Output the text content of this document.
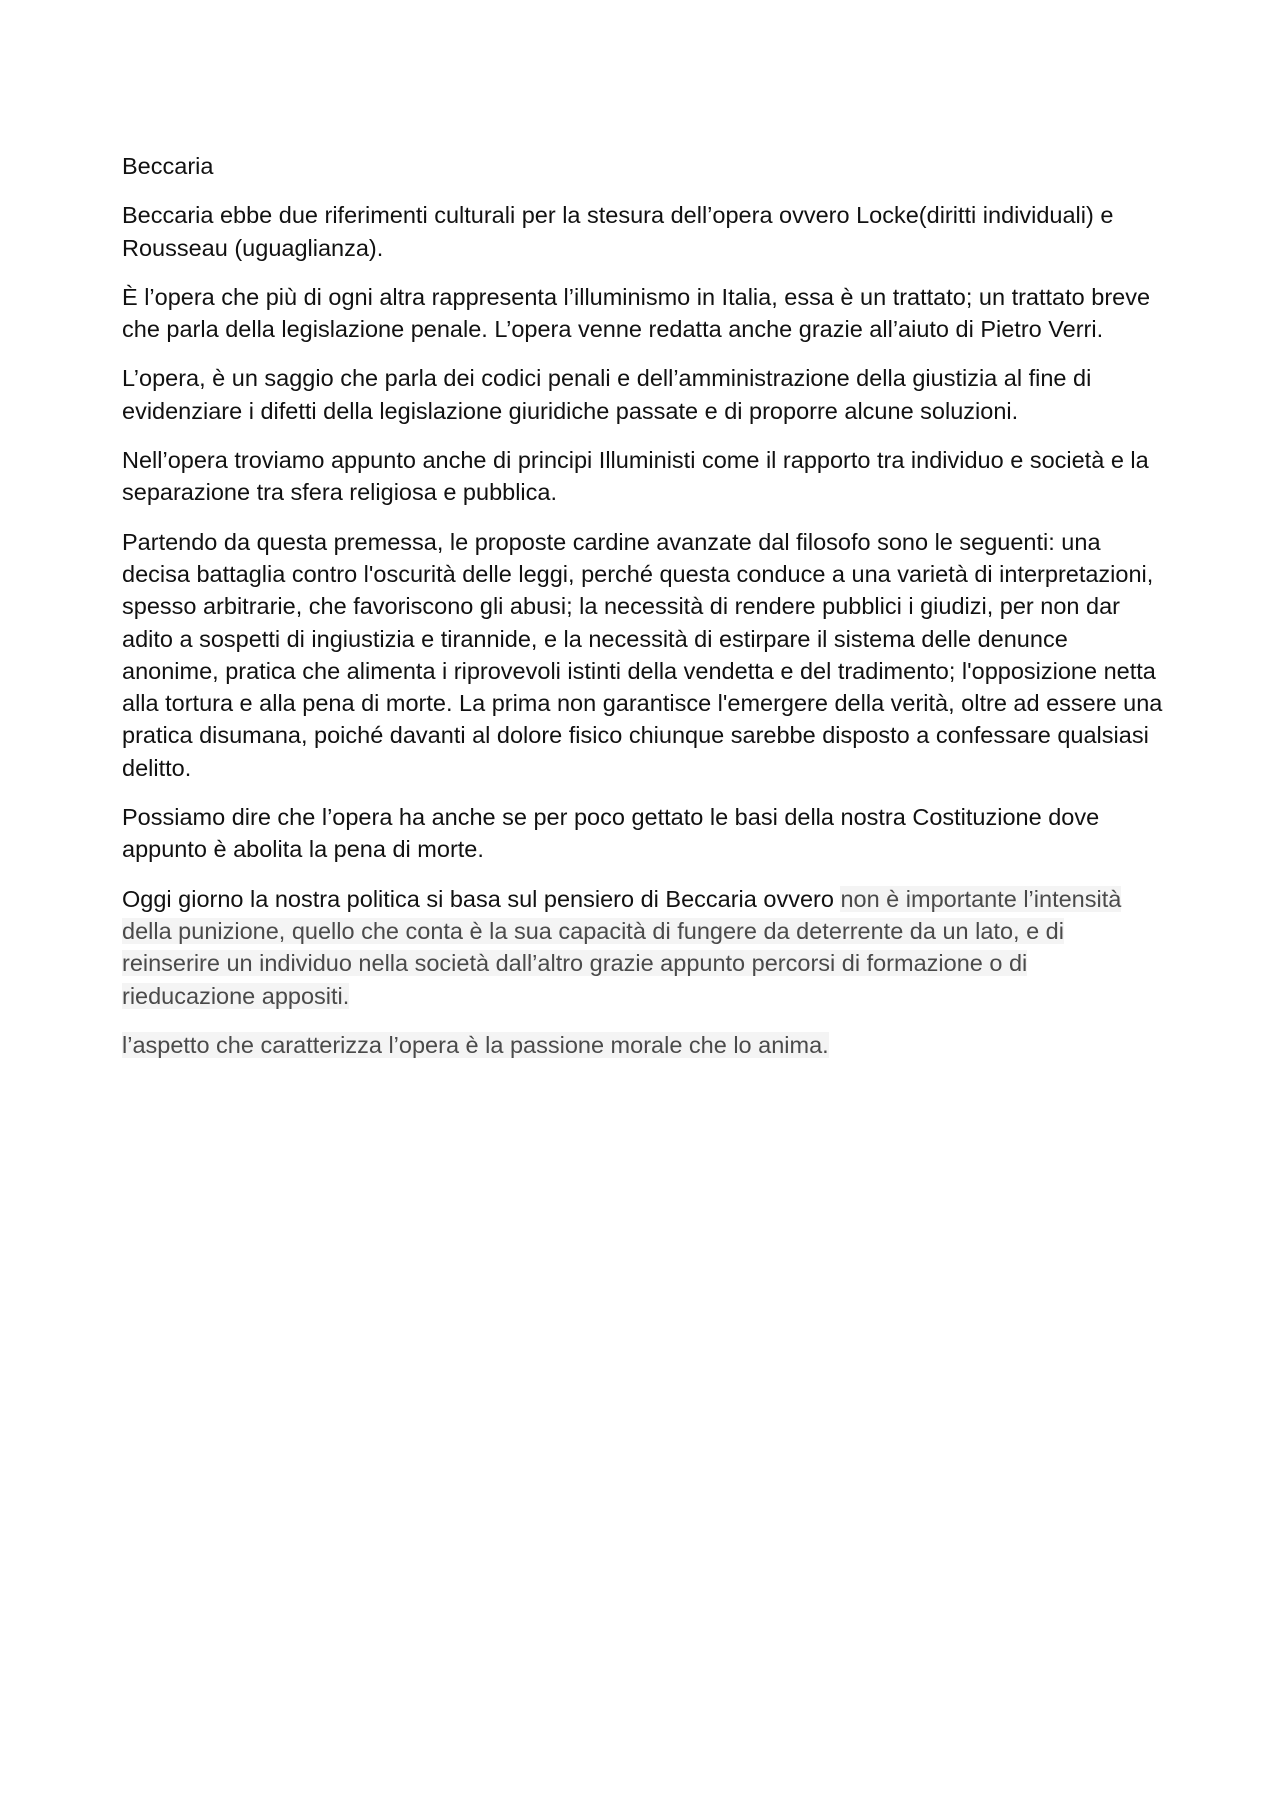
Beccaria

Beccaria ebbe due riferimenti culturali per la stesura dell’opera ovvero Locke(diritti individuali) e Rousseau (uguaglianza).

È l’opera che più di ogni altra rappresenta l’illuminismo in Italia, essa è un trattato; un trattato breve che parla della legislazione penale. L’opera venne redatta anche grazie all’aiuto di Pietro Verri.

L’opera, è un saggio che parla dei codici penali e dell’amministrazione della giustizia al fine di evidenziare i difetti della legislazione giuridiche passate e di proporre alcune soluzioni.

Nell’opera troviamo appunto anche di principi Illuministi come il rapporto tra individuo e società e la separazione tra sfera religiosa e pubblica.

Partendo da questa premessa, le proposte cardine avanzate dal filosofo sono le seguenti: una decisa battaglia contro l'oscurità delle leggi, perché questa conduce a una varietà di interpretazioni, spesso arbitrarie, che favoriscono gli abusi; la necessità di rendere pubblici i giudizi, per non dar adito a sospetti di ingiustizia e tirannide, e la necessità di estirpare il sistema delle denunce anonime, pratica che alimenta i riprovevoli istinti della vendetta e del tradimento; l'opposizione netta alla tortura e alla pena di morte. La prima non garantisce l'emergere della verità, oltre ad essere una pratica disumana, poiché davanti al dolore fisico chiunque sarebbe disposto a confessare qualsiasi delitto.

Possiamo dire che l’opera ha anche se per poco gettato le basi della nostra Costituzione dove appunto è abolita la pena di morte.

Oggi giorno la nostra politica si basa sul pensiero di Beccaria ovvero non è importante l’intensità della punizione, quello che conta è la sua capacità di fungere da deterrente da un lato, e di reinserire un individuo nella società dall’altro grazie appunto percorsi di formazione o di rieducazione appositi.

l’aspetto che caratterizza l’opera è la passione morale che lo anima.
